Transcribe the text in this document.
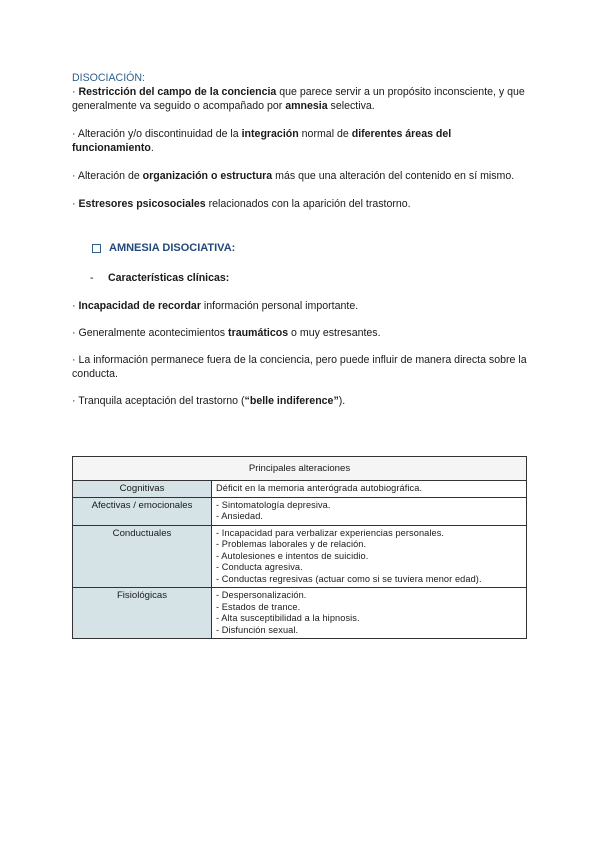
DISOCIACIÓN:

· Restricción del campo de la conciencia que parece servir a un propósito inconsciente, y que generalmente va seguido o acompañado por amnesia selectiva.

· Alteración y/o discontinuidad de la integración normal de diferentes áreas del funcionamiento.

· Alteración de organización o estructura más que una alteración del contenido en sí mismo.

· Estresores psicosociales relacionados con la aparición del trastorno.

AMNESIA DISOCIATIVA:
-	Características clínicas:

· Incapacidad de recordar información personal importante.

· Generalmente acontecimientos traumáticos o muy estresantes.

· La información permanece fuera de la conciencia, pero puede influir de manera directa sobre la conducta.

· Tranquila aceptación del trastorno (“belle indiference”).

Principales alteraciones	
Cognitivas	Déficit en la memoria anterógrada autobiográfica.

Afectivas / emocionales	- Sintomatología depresiva.
- Ansiedad.

Conductuales	- Incapacidad para verbalizar experiencias personales.
- Problemas laborales y de relación.
- Autolesiones e intentos de suicidio.
- Conducta agresiva.
- Conductas regresivas (actuar como si se tuviera menor edad).

Fisiológicas	- Despersonalización.
- Estados de trance.
- Alta susceptibilidad a la hipnosis.
- Disfunción sexual.
